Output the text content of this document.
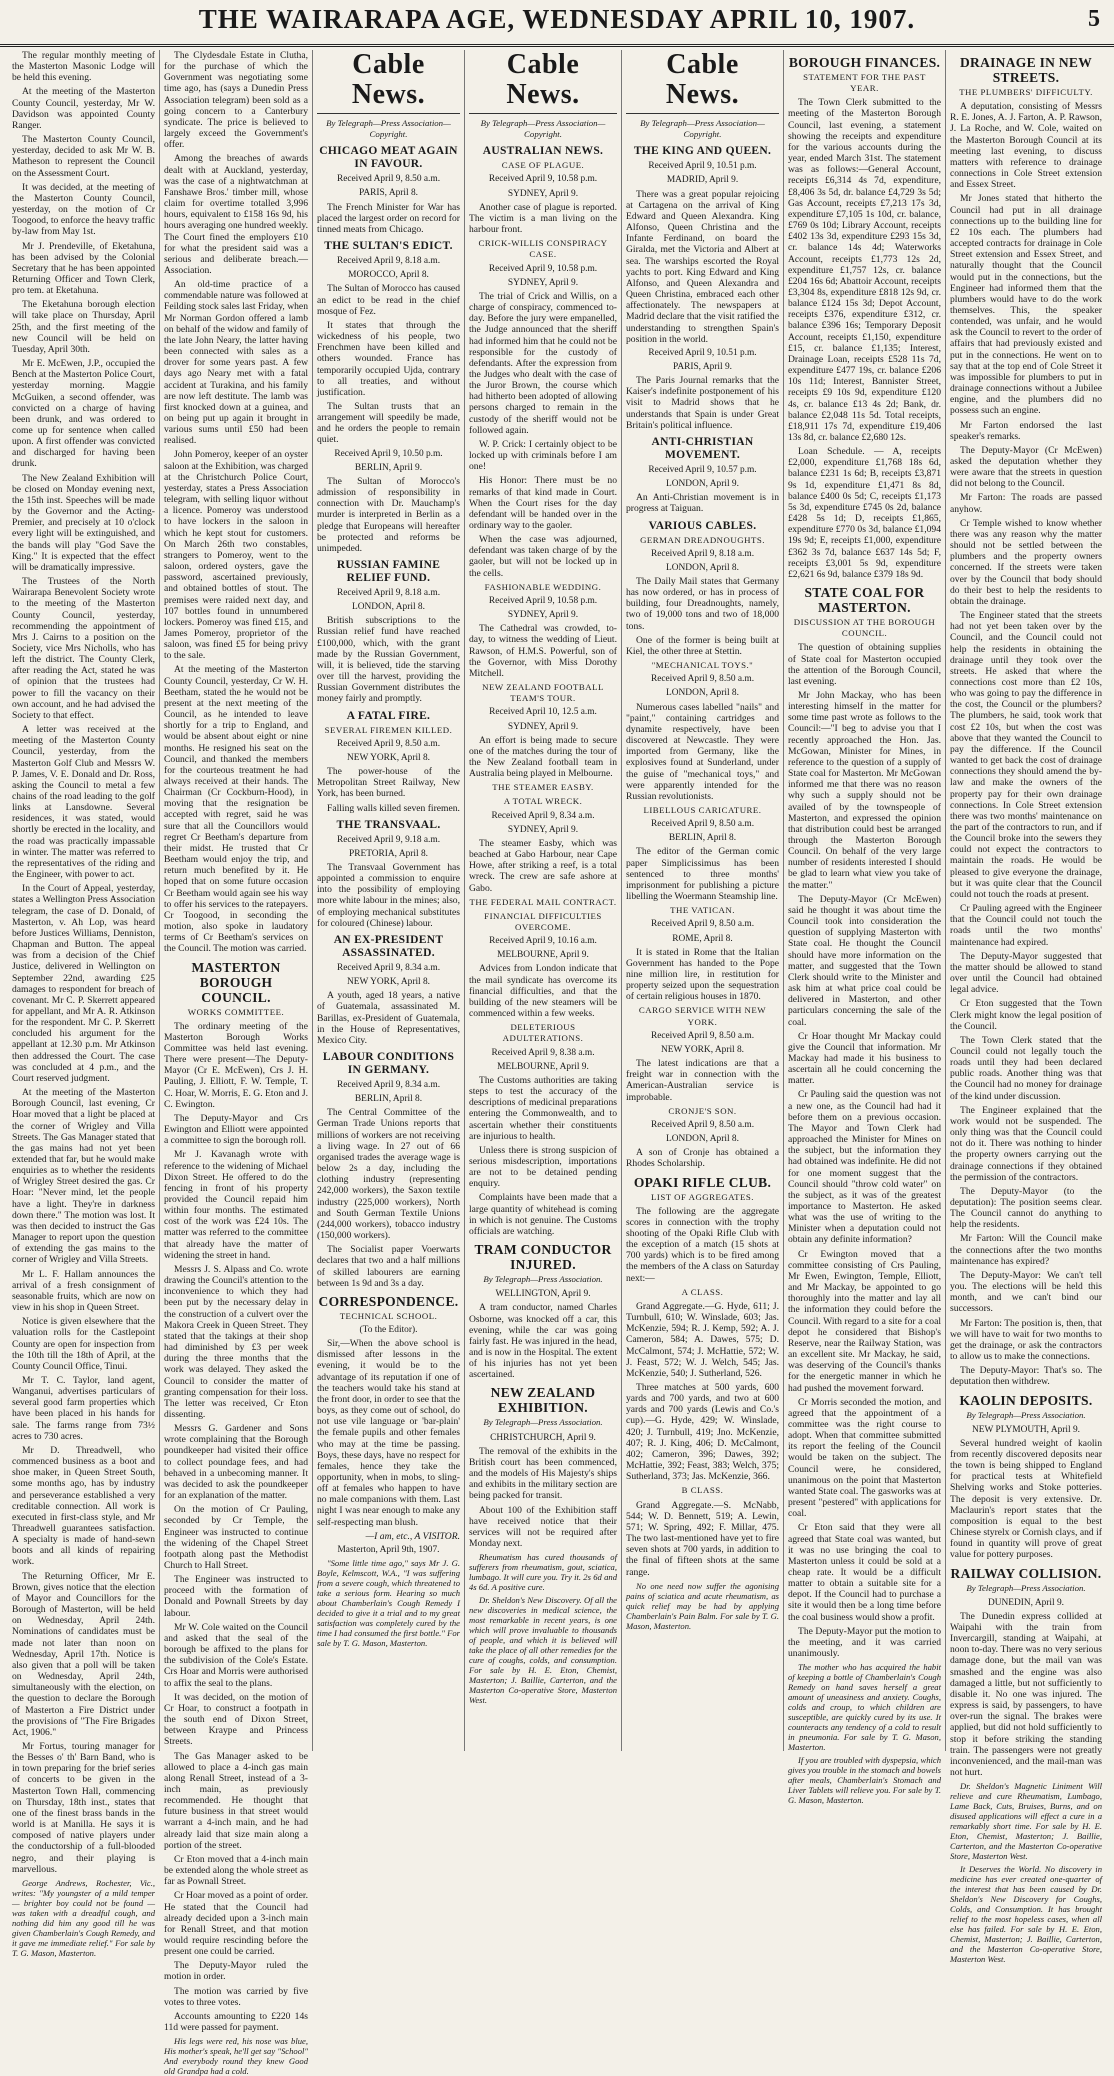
THE WAIRARAPA AGE, WEDNESDAY APRIL 10, 1907.	5

The regular monthly meeting of the Masterton Masonic Lodge will be held this evening.

At the meeting of the Masterton County Council, yesterday, Mr W. Davidson was appointed County Ranger.

The Masterton County Council, yesterday, decided to ask Mr W. B. Matheson to represent the Council on the Assessment Court.

It was decided, at the meeting of the Masterton County Council, yesterday, on the motion of Cr Toogood, to enforce the heavy traffic by-law from May 1st.

Mr J. Prendeville, of Eketahuna, has been advised by the Colonial Secretary that he has been appointed Returning Officer and Town Clerk, pro tem. at Eketahuna.

The Eketahuna borough election will take place on Thursday, April 25th, and the first meeting of the new Council will be held on Tuesday, April 30th.

Mr E. McEwen, J.P., occupied the Bench at the Masterton Police Court, yesterday morning. Maggie McGuiken, a second offender, was convicted on a charge of having been drunk, and was ordered to come up for sentence when called upon. A first offender was convicted and discharged for having been drunk.

The New Zealand Exhibition will be closed on Monday evening next, the 15th inst. Speeches will be made by the Governor and the Acting-Premier, and precisely at 10 o'clock every light will be extinguished, and the bands will play "God Save the King." It is expected that the effect will be dramatically impressive.

The Trustees of the North Wairarapa Benevolent Society wrote to the meeting of the Masterton County Council, yesterday, recommending the appointment of Mrs J. Cairns to a position on the Society, vice Mrs Nicholls, who has left the district. The County Clerk, after reading the Act, stated he was of opinion that the trustees had power to fill the vacancy on their own account, and he had advised the Society to that effect.

A letter was received at the meeting of the Masterton County Council, yesterday, from the Masterton Golf Club and Messrs W. P. James, V. E. Donald and Dr. Ross, asking the Council to metal a few chains of the road leading to the golf links at Lansdowne. Several residences, it was stated, would shortly be erected in the locality, and the road was practically impassable in winter. The matter was referred to the representatives of the riding and the Engineer, with power to act.

In the Court of Appeal, yesterday, states a Wellington Press Association telegram, the case of D. Donald, of Masterton, v. Ah Lop, was heard before Justices Williams, Denniston, Chapman and Button. The appeal was from a decision of the Chief Justice, delivered in Wellington on September 22nd, awarding £25 damages to respondent for breach of covenant. Mr C. P. Skerrett appeared for appellant, and Mr A. R. Atkinson for the respondent. Mr C. P. Skerrett concluded his argument for the appellant at 12.30 p.m. Mr Atkinson then addressed the Court. The case was concluded at 4 p.m., and the Court reserved judgment.

At the meeting of the Masterton Borough Council, last evening, Cr Hoar moved that a light be placed at the corner of Wrigley and Villa Streets. The Gas Manager stated that the gas mains had not yet been extended that far, but he would make enquiries as to whether the residents of Wrigley Street desired the gas. Cr Hoar: "Never mind, let the people have a light. They're in darkness down there." The motion was lost. It was then decided to instruct the Gas Manager to report upon the question of extending the gas mains to the corner of Wrigley and Villa Streets.

Mr L. F. Hallam announces the arrival of a fresh consignment of seasonable fruits, which are now on view in his shop in Queen Street.

Notice is given elsewhere that the valuation rolls for the Castlepoint County are open for inspection from the 10th till the 18th of April, at the County Council Office, Tinui.

Mr T. C. Taylor, land agent, Wanganui, advertises particulars of several good farm properties which have been placed in his hands for sale. The farms range from 73½ acres to 730 acres.

Mr D. Threadwell, who commenced business as a boot and shoe maker, in Queen Street South, some months ago, has by industry and perseverance established a very creditable connection. All work is executed in first-class style, and Mr Threadwell guarantees satisfaction. A specialty is made of hand-sewn boots and all kinds of repairing work.

The Returning Officer, Mr E. Brown, gives notice that the election of Mayor and Councillors for the Borough of Masterton, will be held on Wednesday, April 24th. Nominations of candidates must be made not later than noon on Wednesday, April 17th. Notice is also given that a poll will be taken on Wednesday, April 24th, simultaneously with the election, on the question to declare the Borough of Masterton a Fire District under the provisions of "The Fire Brigades Act, 1906."

Mr Fortus, touring manager for the Besses o' th' Barn Band, who is in town preparing for the brief series of concerts to be given in the Masterton Town Hall, commencing on Thursday, 18th inst., states that one of the finest brass bands in the world is at Manilla. He says it is composed of native players under the conductorship of a full-blooded negro, and their playing is marvellous.

George Andrews, Rochester, Vic., writes: "My youngster of a mild temper — brighter boy could not be found — was taken with a dreadful cough, and nothing did him any good till he was given Chamberlain's Cough Remedy, and it gave me immediate relief." For sale by T. G. Mason, Masterton.

The Clydesdale Estate in Clutha, for the purchase of which the Government was negotiating some time ago, has (says a Dunedin Press Association telegram) been sold as a going concern to a Canterbury syndicate. The price is believed to largely exceed the Government's offer.

Among the breaches of awards dealt with at Auckland, yesterday, was the case of a nightwatchman at Fanshawe Bros.' timber mill, whose claim for overtime totalled 3,996 hours, equivalent to £158 16s 9d, his hours averaging one hundred weekly. The Court fined the employers £10 for what the president said was a serious and deliberate breach.—Association.

An old-time practice of a commendable nature was followed at Feilding stock sales last Friday, when Mr Norman Gordon offered a lamb on behalf of the widow and family of the late John Neary, the latter having been connected with sales as a drover for some years past. A few days ago Neary met with a fatal accident at Turakina, and his family are now left destitute. The lamb was first knocked down at a guinea, and on being put up again it brought in various sums until £50 had been realised.

John Pomeroy, keeper of an oyster saloon at the Exhibition, was charged at the Christchurch Police Court, yesterday, states a Press Association telegram, with selling liquor without a licence. Pomeroy was understood to have lockers in the saloon in which he kept stout for customers. On March 26th two constables, strangers to Pomeroy, went to the saloon, ordered oysters, gave the password, ascertained previously, and obtained bottles of stout. The premises were raided next day, and 107 bottles found in unnumbered lockers. Pomeroy was fined £15, and James Pomeroy, proprietor of the saloon, was fined £5 for being privy to the sale.

At the meeting of the Masterton County Council, yesterday, Cr W. H. Beetham, stated the he would not be present at the next meeting of the Council, as he intended to leave shortly for a trip to England, and would be absent about eight or nine months. He resigned his seat on the Council, and thanked the members for the courteous treatment he had always received at their hands. The Chairman (Cr Cockburn-Hood), in moving that the resignation be accepted with regret, said he was sure that all the Councillors would regret Cr Beetham's departure from their midst. He trusted that Cr Beetham would enjoy the trip, and return much benefited by it. He hoped that on some future occasion Cr Beetham would again see his way to offer his services to the ratepayers. Cr Toogood, in seconding the motion, also spoke in laudatory terms of Cr Beetham's services on the Council. The motion was carried.

MASTERTON BOROUGH COUNCIL.
WORKS COMMITTEE.

The ordinary meeting of the Masterton Borough Works Committee was held last evening. There were present—The Deputy-Mayor (Cr E. McEwen), Crs J. H. Pauling, J. Elliott, F. W. Temple, T. C. Hoar, W. Morris, E. G. Eton and J. C. Ewington.

The Deputy-Mayor and Crs Ewington and Elliott were appointed a committee to sign the borough roll.

Mr J. Kavanagh wrote with reference to the widening of Michael Dixon Street. He offered to do the fencing in front of his property provided the Council repaid him within four months. The estimated cost of the work was £24 10s. The matter was referred to the committee that already have the matter of widening the street in hand.

Messrs J. S. Alpass and Co. wrote drawing the Council's attention to the inconvenience to which they had been put by the necessary delay in the construction of a culvert over the Makora Creek in Queen Street. They stated that the takings at their shop had diminished by £3 per week during the three months that the work was delayed. They asked the Council to consider the matter of granting compensation for their loss. The letter was received, Cr Eton dissenting.

Messrs G. Gardener and Sons wrote complaining that the Borough poundkeeper had visited their office to collect poundage fees, and had behaved in a unbecoming manner. It was decided to ask the poundkeeper for an explanation of the matter.

On the motion of Cr Pauling, seconded by Cr Temple, the Engineer was instructed to continue the widening of the Chapel Street footpath along past the Methodist Church to Hall Street.

The Engineer was instructed to proceed with the formation of Donald and Pownall Streets by day labour.

Mr W. Cole waited on the Council and asked that the seal of the borough be affixed to the plans for the subdivision of the Cole's Estate. Crs Hoar and Morris were authorised to affix the seal to the plans.

It was decided, on the motion of Cr Hoar, to construct a footpath in the south end of Dixon Street, between Kraype and Princess Streets.

The Gas Manager asked to be allowed to place a 4-inch gas main along Renall Street, instead of a 3-inch main, as previously recommended. He thought that future business in that street would warrant a 4-inch main, and he had already laid that size main along a portion of the street.

Cr Eton moved that a 4-inch main be extended along the whole street as far as Pownall Street.

Cr Hoar moved as a point of order. He stated that the Council had already decided upon a 3-inch main for Renall Street, and that motion would require rescinding before the present one could be carried.

The Deputy-Mayor ruled the motion in order.

The motion was carried by five votes to three votes.

Accounts amounting to £220 14s 11d were passed for payment.

His legs were red, his nose was blue, His mother's speak, he'll get say "School" And everybody round they knew Good old Grandpa had a cold.

Cable News.
By Telegraph—Press Association—Copyright.
CHICAGO MEAT AGAIN IN FAVOUR.
Received April 9, 8.50 a.m.
PARIS, April 8.

The French Minister for War has placed the largest order on record for tinned meats from Chicago.

THE SULTAN'S EDICT.
Received April 9, 8.18 a.m.
MOROCCO, April 8.

The Sultan of Morocco has caused an edict to be read in the chief mosque of Fez.

It states that through the wickedness of his people, two Frenchmen have been killed and others wounded. France has temporarily occupied Ujda, contrary to all treaties, and without justification.

The Sultan trusts that an arrangement will speedily be made, and he orders the people to remain quiet.

Received April 9, 10.50 p.m.
BERLIN, April 9.

The Sultan of Morocco's admission of responsibility in connection with Dr. Mauchamp's murder is interpreted in Berlin as a pledge that Europeans will hereafter be protected and reforms be unimpeded.

RUSSIAN FAMINE RELIEF FUND.
Received April 9, 8.18 a.m.
LONDON, April 8.

British subscriptions to the Russian relief fund have reached £100,000, which, with the grant made by the Russian Government, will, it is believed, tide the starving over till the harvest, providing the Russian Government distributes the money fairly and promptly.

A FATAL FIRE.
SEVERAL FIREMEN KILLED.
Received April 9, 8.50 a.m.
NEW YORK, April 8.

The power-house of the Metropolitan Street Railway, New York, has been burned.

Falling walls killed seven firemen.

THE TRANSVAAL.
Received April 9, 9.18 a.m.
PRETORIA, April 8.

The Transvaal Government has appointed a commission to enquire into the possibility of employing more white labour in the mines; also, of employing mechanical substitutes for coloured (Chinese) labour.

AN EX-PRESIDENT ASSASSINATED.
Received April 9, 8.34 a.m.
NEW YORK, April 8.

A youth, aged 18 years, a native of Guatemala, assassinated M. Barillas, ex-President of Guatemala, in the House of Representatives, Mexico City.

LABOUR CONDITIONS IN GERMANY.
Received April 9, 8.34 a.m.
BERLIN, April 8.

The Central Committee of the German Trade Unions reports that millions of workers are not receiving a living wage. In 27 out of 66 organised trades the average wage is below 2s a day, including the clothing industry (representing 242,000 workers), the Saxon textile industry (225,000 workers), North and South German Textile Unions (244,000 workers), tobacco industry (150,000 workers).

The Socialist paper Voerwarts declares that two and a half millions of skilled labourers are earning between 1s 9d and 3s a day.

CORRESPONDENCE.
TECHNICAL SCHOOL.
(To the Editor).

Sir,—When the above school is dismissed after lessons in the evening, it would be to the advantage of its reputation if one of the teachers would take his stand at the front door, in order to see that the boys, as they come out of school, do not use vile language or 'bar-plain' the female pupils and other females who may at the time be passing. Boys, these days, have no respect for females, hence they take the opportunity, when in mobs, to sling-off at females who happen to have no male companions with them. Last night I was near enough to make any self-respecting man blush.

—I am, etc., A VISITOR.

Masterton, April 9th, 1907.

"Some little time ago," says Mr J. G. Boyle, Kelmscott, W.A., "I was suffering from a severe cough, which threatened to take a serious form. Hearing so much about Chamberlain's Cough Remedy I decided to give it a trial and to my great satisfaction was completely cured by the time I had consumed the first bottle." For sale by T. G. Mason, Masterton.

Cable News.
By Telegraph—Press Association—Copyright.
AUSTRALIAN NEWS.
CASE OF PLAGUE.
Received April 9, 10.58 p.m.
SYDNEY, April 9.

Another case of plague is reported. The victim is a man living on the harbour front.

CRICK-WILLIS CONSPIRACY CASE.
Received April 9, 10.58 p.m.
SYDNEY, April 9.

The trial of Crick and Willis, on a charge of conspiracy, commenced to-day. Before the jury were empanelled, the Judge announced that the sheriff had informed him that he could not be responsible for the custody of defendants. After the expression from the Judges who dealt with the case of the Juror Brown, the course which had hitherto been adopted of allowing persons charged to remain in the custody of the sheriff would not be followed again.

W. P. Crick: I certainly object to be locked up with criminals before I am one!

His Honor: There must be no remarks of that kind made in Court. When the Court rises for the day defendant will be handed over in the ordinary way to the gaoler.

When the case was adjourned, defendant was taken charge of by the gaoler, but will not be locked up in the cells.

FASHIONABLE WEDDING.
Received April 9, 10.58 p.m.
SYDNEY, April 9.

The Cathedral was crowded, to-day, to witness the wedding of Lieut. Rawson, of H.M.S. Powerful, son of the Governor, with Miss Dorothy Mitchell.

NEW ZEALAND FOOTBALL TEAM'S TOUR.
Received April 10, 12.5 a.m.
SYDNEY, April 9.

An effort is being made to secure one of the matches during the tour of the New Zealand football team in Australia being played in Melbourne.

THE STEAMER EASBY.
A TOTAL WRECK.
Received April 9, 8.34 a.m.
SYDNEY, April 9.

The steamer Easby, which was beached at Gabo Harbour, near Cape Howe, after striking a reef, is a total wreck. The crew are safe ashore at Gabo.

THE FEDERAL MAIL CONTRACT.
FINANCIAL DIFFICULTIES OVERCOME.
Received April 9, 10.16 a.m.
MELBOURNE, April 9.

Advices from London indicate that the mail syndicate has overcome its financial difficulties, and that the building of the new steamers will be commenced within a few weeks.

DELETERIOUS ADULTERATIONS.
Received April 9, 8.38 a.m.
MELBOURNE, April 9.

The Customs authorities are taking steps to test the accuracy of the descriptions of medicinal preparations entering the Commonwealth, and to ascertain whether their constituents are injurious to health.

Unless there is strong suspicion of serious misdescription, importations are not to be detained pending enquiry.

Complaints have been made that a large quantity of whitehead is coming in which is not genuine. The Customs officials are watching.

TRAM CONDUCTOR INJURED.
By Telegraph—Press Association.
WELLINGTON, April 9.

A tram conductor, named Charles Osborne, was knocked off a car, this evening, while the car was going fairly fast. He was injured in the head, and is now in the Hospital. The extent of his injuries has not yet been ascertained.

NEW ZEALAND EXHIBITION.
By Telegraph—Press Association.
CHRISTCHURCH, April 9.

The removal of the exhibits in the British court has been commenced, and the models of His Majesty's ships and exhibits in the military section are being packed for transit.

About 100 of the Exhibition staff have received notice that their services will not be required after Monday next.

Rheumatism has cured thousands of sufferers from rheumatism, gout, sciatica, lumbago. It will cure you. Try it. 2s 6d and 4s 6d. A positive cure.

Dr. Sheldon's New Discovery. Of all the new discoveries in medical science, the most remarkable in recent years, is one which will prove invaluable to thousands of people, and which it is believed will take the place of all other remedies for the cure of coughs, colds, and consumption. For sale by H. E. Eton, Chemist, Masterton; J. Baillie, Carterton, and the Masterton Co-operative Store, Masterton West.

Cable News.
By Telegraph—Press Association—Copyright.
THE KING AND QUEEN.
Received April 9, 10.51 p.m.
MADRID, April 9.

There was a great popular rejoicing at Cartagena on the arrival of King Edward and Queen Alexandra. King Alfonso, Queen Christina and the Infante Ferdinand, on board the Giralda, met the Victoria and Albert at sea. The warships escorted the Royal yachts to port. King Edward and King Alfonso, and Queen Alexandra and Queen Christina, embraced each other affectionately. The newspapers at Madrid declare that the visit ratified the understanding to strengthen Spain's position in the world.

Received April 9, 10.51 p.m.
PARIS, April 9.

The Paris Journal remarks that the Kaiser's indefinite postponement of his visit to Madrid shows that he understands that Spain is under Great Britain's political influence.

ANTI-CHRISTIAN MOVEMENT.
Received April 9, 10.57 p.m.
LONDON, April 9.

An Anti-Christian movement is in progress at Taiguan.

VARIOUS CABLES.
GERMAN DREADNOUGHTS.
Received April 9, 8.18 a.m.
LONDON, April 8.

The Daily Mail states that Germany has now ordered, or has in process of building, four Dreadnoughts, namely, two of 19,000 tons and two of 18,000 tons.

One of the former is being built at Kiel, the other three at Stettin.

"MECHANICAL TOYS."
Received April 9, 8.50 a.m.
LONDON, April 8.

Numerous cases labelled "nails" and "paint," containing cartridges and dynamite respectively, have been discovered at Newcastle. They were imported from Germany, like the explosives found at Sunderland, under the guise of "mechanical toys," and were apparently intended for the Russian revolutionists.

LIBELLOUS CARICATURE.
Received April 9, 8.50 a.m.
BERLIN, April 8.

The editor of the German comic paper Simplicissimus has been sentenced to three months' imprisonment for publishing a picture libelling the Woermann Steamship line.

THE VATICAN.
Received April 9, 8.50 a.m.
ROME, April 8.

It is stated in Rome that the Italian Government has handed to the Pope nine million lire, in restitution for property seized upon the sequestration of certain religious houses in 1870.

CARGO SERVICE WITH NEW YORK.
Received April 9, 8.50 a.m.
NEW YORK, April 8.

The latest indications are that a freight war in connection with the American-Australian service is improbable.

CRONJE'S SON.
Received April 9, 8.50 a.m.
LONDON, April 8.

A son of Cronje has obtained a Rhodes Scholarship.

OPAKI RIFLE CLUB.
LIST OF AGGREGATES.

The following are the aggregate scores in connection with the trophy shooting of the Opaki Rifle Club with the exception of a match (15 shots at 700 yards) which is to be fired among the members of the A class on Saturday next:—

A CLASS.

Grand Aggregate.—G. Hyde, 611; J. Turnbull, 610; W. Winslade, 603; Jas. McKenzie, 594; R. J. Kemp, 592; A. J. Cameron, 584; A. Dawes, 575; D. McCalmont, 574; J. McHattie, 572; W. J. Feast, 572; W. J. Welch, 545; Jas. McKenzie, 540; J. Sutherland, 526.

Three matches at 500 yards, 600 yards and 700 yards, and two at 600 yards and 700 yards (Lewis and Co.'s cup).—G. Hyde, 429; W. Winslade, 420; J. Turnbull, 419; Jno. McKenzie, 407; R. J. King, 406; D. McCalmont, 402; Cameron, 396; Dawes, 392; McHattie, 392; Feast, 383; Welch, 375; Sutherland, 373; Jas. McKenzie, 366.

B CLASS.

Grand Aggregate.—S. McNabb, 544; W. D. Bennett, 519; A. Lewin, 571; W. Spring, 492; F. Millar, 475. The two last-mentioned have yet to fire seven shots at 700 yards, in addition to the final of fifteen shots at the same range.

No one need now suffer the agonising pains of sciatica and acute rheumatism, as quick relief may be had by applying Chamberlain's Pain Balm. For sale by T. G. Mason, Masterton.

BOROUGH FINANCES.
STATEMENT FOR THE PAST YEAR.

The Town Clerk submitted to the meeting of the Masterton Borough Council, last evening, a statement showing the receipts and expenditure for the various accounts during the year, ended March 31st. The statement was as follows:—General Account, receipts £6,314 4s 7d, expenditure, £8,406 3s 5d, dr. balance £4,729 3s 5d; Gas Account, receipts £7,213 17s 3d, expenditure £7,105 1s 10d, cr. balance, £769 0s 10d; Library Account, receipts £402 13s 3d, expenditure £293 15s 3d, cr. balance 14s 4d; Waterworks Account, receipts £1,773 12s 2d, expenditure £1,757 12s, cr. balance £204 16s 6d; Abattoir Account, receipts £3,304 8s, expenditure £818 12s 9d, cr. balance £124 15s 3d; Depot Account, receipts £376, expenditure £312, cr. balance £396 16s; Temporary Deposit Account, receipts £1,150, expenditure £15, cr. balance £1,135; Interest, Drainage Loan, receipts £528 11s 7d, expenditure £477 19s, cr. balance £206 10s 11d; Interest, Bannister Street, receipts £9 10s 9d, expenditure £120 4s, cr. balance £13 4s 2d; Bank, dr. balance £2,048 11s 5d. Total receipts, £18,911 17s 7d, expenditure £19,406 13s 8d, cr. balance £2,680 12s.

Loan Schedule. — A, receipts £2,000, expenditure £1,768 18s 6d, balance £231 1s 6d; B, receipts £3,871 9s 1d, expenditure £1,471 8s 8d, balance £400 0s 5d; C, receipts £1,173 5s 3d, expenditure £745 0s 2d, balance £428 5s 1d; D, receipts £1,865, expenditure £770 0s 3d, balance £1,094 19s 9d; E, receipts £1,000, expenditure £362 3s 7d, balance £637 14s 5d; F, receipts £3,001 5s 9d, expenditure £2,621 6s 9d, balance £379 18s 9d.

STATE COAL FOR MASTERTON.
DISCUSSION AT THE BOROUGH COUNCIL.

The question of obtaining supplies of State coal for Masterton occupied the attention of the Borough Council, last evening.

Mr John Mackay, who has been interesting himself in the matter for some time past wrote as follows to the Council:—"I beg to advise you that I recently approached the Hon. Jas. McGowan, Minister for Mines, in reference to the question of a supply of State coal for Masterton. Mr McGowan informed me that there was no reason why such a supply should not be availed of by the townspeople of Masterton, and expressed the opinion that distribution could best be arranged through the Masterton Borough Council. On behalf of the very large number of residents interested I should be glad to learn what view you take of the matter."

The Deputy-Mayor (Cr McEwen) said he thought it was about time the Council took into consideration the question of supplying Masterton with State coal. He thought the Council should have more information on the matter, and suggested that the Town Clerk should write to the Minister and ask him at what price coal could be delivered in Masterton, and other particulars concerning the sale of the coal.

Cr Hoar thought Mr Mackay could give the Council that information. Mr Mackay had made it his business to ascertain all he could concerning the matter.

Cr Pauling said the question was not a new one, as the Council had had it before them on a previous occasion. The Mayor and Town Clerk had approached the Minister for Mines on the subject, but the information they had obtained was indefinite. He did not for one moment suggest that the Council should "throw cold water" on the subject, as it was of the greatest importance to Masterton. He asked what was the use of writing to the Minister when a deputation could not obtain any definite information?

Cr Ewington moved that a committee consisting of Crs Pauling, Mr Ewen, Ewington, Temple, Elliott, and Mr Mackay, be appointed to go thoroughly into the matter and lay all the information they could before the Council. With regard to a site for a coal depot he considered that Bishop's Reserve, near the Railway Station, was an excellent site. Mr Mackay, he said, was deserving of the Council's thanks for the energetic manner in which he had pushed the movement forward.

Cr Morris seconded the motion, and agreed that the appointment of a committee was the right course to adopt. When that committee submitted its report the feeling of the Council would be taken on the subject. The Council were, he considered, unanimous on the point that Masterton wanted State coal. The gasworks was at present "pestered" with applications for coal.

Cr Eton said that they were all agreed that State coal was wanted, but it was no use bringing the coal to Masterton unless it could be sold at a cheap rate. It would be a difficult matter to obtain a suitable site for a depot. If the Council had to purchase a site it would then be a long time before the coal business would show a profit.

The Deputy-Mayor put the motion to the meeting, and it was carried unanimously.

The mother who has acquired the habit of keeping a bottle of Chamberlain's Cough Remedy on hand saves herself a great amount of uneasiness and anxiety. Coughs, colds and croup, to which children are susceptible, are quickly cured by its use. It counteracts any tendency of a cold to result in pneumonia. For sale by T. G. Mason, Masterton.

If you are troubled with dyspepsia, which gives you trouble in the stomach and bowels after meals, Chamberlain's Stomach and Liver Tablets will relieve you. For sale by T. G. Mason, Masterton.

DRAINAGE IN NEW STREETS.
THE PLUMBERS' DIFFICULTY.

A deputation, consisting of Messrs R. E. Jones, A. J. Farton, A. P. Rawson, J. La Roche, and W. Cole, waited on the Masterton Borough Council at its meeting last evening, to discuss matters with reference to drainage connections in Cole Street extension and Essex Street.

Mr Jones stated that hitherto the Council had put in all drainage connections up to the building line for £2 10s each. The plumbers had accepted contracts for drainage in Cole Street extension and Essex Street, and naturally thought that the Council would put in the connections, but the Engineer had informed them that the plumbers would have to do the work themselves. This, the speaker contended, was unfair, and he would ask the Council to revert to the order of affairs that had previously existed and put in the connections. He went on to say that at the top end of Cole Street it was impossible for plumbers to put in drainage connections without a Jubilee engine, and the plumbers did no possess such an engine.

Mr Farton endorsed the last speaker's remarks.

The Deputy-Mayor (Cr McEwen) asked the deputation whether they were aware that the streets in question did not belong to the Council.

Mr Farton: The roads are passed anyhow.

Cr Temple wished to know whether there was any reason why the matter should not be settled between the plumbers and the property owners concerned. If the streets were taken over by the Council that body should do their best to help the residents to obtain the drainage.

The Engineer stated that the streets had not yet been taken over by the Council, and the Council could not help the residents in obtaining the drainage until they took over the streets. He asked that where the connections cost more than £2 10s, who was going to pay the difference in the cost, the Council or the plumbers? The plumbers, he said, took work that cost £2 10s, but when the cost was above that they wanted the Council to pay the difference. If the Council wanted to get back the cost of drainage connections they should amend the by-law and make the owners of the property pay for their own drainage connections. In Cole Street extension there was two months' maintenance on the part of the contractors to run, and if the Council broke into the sewers they could not expect the contractors to maintain the roads. He would be pleased to give everyone the drainage, but it was quite clear that the Council could not touch the roads at present.

Cr Pauling agreed with the Engineer that the Council could not touch the roads until the two months' maintenance had expired.

The Deputy-Mayor suggested that the matter should be allowed to stand over until the Council had obtained legal advice.

Cr Eton suggested that the Town Clerk might know the legal position of the Council.

The Town Clerk stated that the Council could not legally touch the roads until they had been declared public roads. Another thing was that the Council had no money for drainage of the kind under discussion.

The Engineer explained that the work would not be suspended. The only thing was that the Council could not do it. There was nothing to hinder the property owners carrying out the drainage connections if they obtained the permission of the contractors.

The Deputy-Mayor (to the deputation): The position seems clear. The Council cannot do anything to help the residents.

Mr Farton: Will the Council make the connections after the two months maintenance has expired?

The Deputy-Mayor: We can't tell you. The elections will be held this month, and we can't bind our successors.

Mr Farton: The position is, then, that we will have to wait for two months to get the drainage, or ask the contractors to allow us to make the connections.

The Deputy-Mayor: That's so. The deputation then withdrew.

KAOLIN DEPOSITS.
By Telegraph—Press Association.
NEW PLYMOUTH, April 9.

Several hundred weight of kaolin from recently discovered deposits near the town is being shipped to England for practical tests at Whitefield Shelving works and Stoke potteries. The deposit is very extensive. Dr. Maclaurin's report states that the composition is equal to the best Chinese styrelx or Cornish clays, and if found in quantity will prove of great value for pottery purposes.

RAILWAY COLLISION.
By Telegraph—Press Association.
DUNEDIN, April 9.

The Dunedin express collided at Waipahi with the train from Invercargill, standing at Waipahi, at noon to-day. There was no very serious damage done, but the mail van was smashed and the engine was also damaged a little, but not sufficiently to disable it. No one was injured. The express is said, by passengers, to have over-run the signal. The brakes were applied, but did not hold sufficiently to stop it before striking the standing train. The passengers were not greatly inconvenienced, and the mail-man was not hurt.

Dr. Sheldon's Magnetic Liniment Will relieve and cure Rheumatism, Lumbago, Lame Back, Cuts, Bruises, Burns, and on disused applications will effect a cure in a remarkably short time. For sale by H. E. Eton, Chemist, Masterton; J. Baillie, Carterton, and the Masterton Co-operative Store, Masterton West.

It Deserves the World. No discovery in medicine has ever created one-quarter of the interest that has been caused by Dr. Sheldon's New Discovery for Coughs, Colds, and Consumption. It has brought relief to the most hopeless cases, when all else has failed. For sale by H. E. Eton, Chemist, Masterton; J. Baillie, Carterton, and the Masterton Co-operative Store, Masterton West.
